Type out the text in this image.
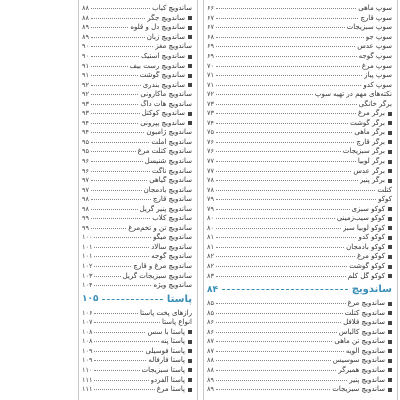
سوپ ماهی
۶۶
سوپ قارچ
۶۷
سوپ سبزیجات
۶۷
سوپ جو
۶۸
سوپ عدس
۶۹
سوپ گوجه
۶۹
سوپ مرغ
۷۰
سوپ پیاز
۷۱
سوپ کدو
۷۱
نکته‌های مهم در تهیه سوپ
۷۲
برگر خانگی
۷۳
برگر مرغ
۷۳
برگر گوشت
۷۴
برگر ماهی
۷۵
برگر قارچ
۷۶
برگر سبزیجات
۷۶
برگر لوبیا
۷۷
برگر عدس
۷۷
برگر پنیر
۷۸
کتلت
۷۸
کوکو
۷۹
کوکو سبزی
۷۹
کوکو سیب‌زمینی
۸۰
کوکو لوبیا سبز
۸۰
کوکو کدو
۸۱
کوکو بادمجان
۸۱
کوکو مرغ
۸۲
کوکو گوشت
۸۲
کوکو گل کلم
۸۳
ساندویچ
۸۴
ساندویچ مرغ
۸۵
ساندویچ کتلت
۸۵
ساندویچ فلافل
۸۶
ساندویچ کالباس
۸۶
ساندویچ تن ماهی
۸۷
ساندویچ الویه
۸۷
ساندویچ سوسیس
۸۸
ساندویچ همبرگر
۸۸
ساندویچ پنیر
۸۹
ساندویچ سبزیجات
۸۹
ساندویچ کباب
۸۸
ساندویچ جگر
۸۸
ساندویچ دل و قلوه
۸۹
ساندویچ زبان
۸۹
ساندویچ مغز
۹۰
ساندویچ استیک
۹۰
ساندویچ رست بیف
۹۱
ساندویچ گوشت
۹۱
ساندویچ بندری
۹۲
ساندویچ ماکارونی
۹۲
ساندویچ هات داگ
۹۳
ساندویچ کوکتل
۹۳
ساندویچ پپرونی
۹۴
ساندویچ ژامبون
۹۴
ساندویچ املت
۹۵
ساندویچ کتلت مرغ
۹۵
ساندویچ شنیسل
۹۶
ساندویچ ناگت
۹۶
ساندویچ گیاهی
۹۷
ساندویچ بادمجان
۹۷
ساندویچ قارچ
۹۸
ساندویچ پنیر گریل
۹۸
ساندویچ کلاب
۹۹
ساندویچ تن و تخم‌مرغ
۹۹
ساندویچ میگو
۱۰۰
ساندویچ سالاد
۱۰۱
ساندویچ گوجه
۱۰۱
ساندویچ مرغ و قارچ
۱۰۲
ساندویچ سبزیجات گریل
۱۰۳
ساندویچ ویژه
۱۰۴
پاستا
۱۰۵
رازهای پخت پاستا
۱۰۶
انواع پاستا
۱۰۷
پاستا با سس
۱۰۸
پاستا پنه
۱۰۸
پاستا فوسیلی
۱۰۹
پاستا فارفاله
۱۰۹
پاستا سبزیجات
۱۱۰
پاستا آلفردو
۱۱۱
پاستا مرغ
۱۱۱
